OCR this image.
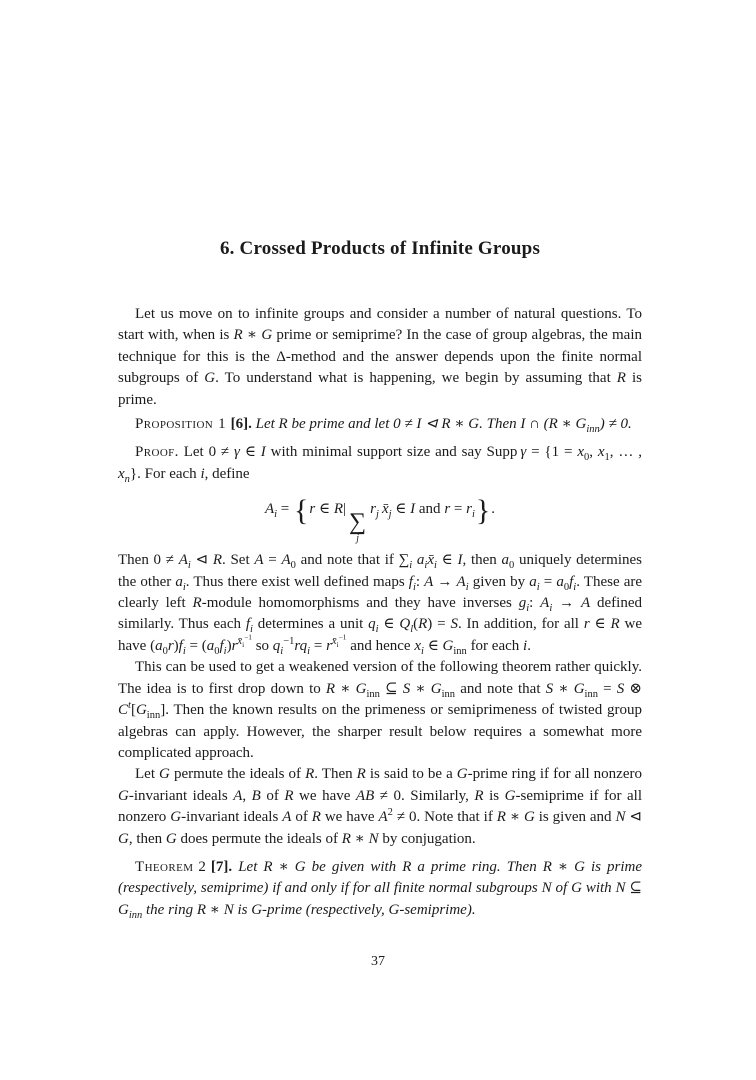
6. Crossed Products of Infinite Groups

Let us move on to infinite groups and consider a number of natural questions. To start with, when is R ∗ G prime or semiprime? In the case of group algebras, the main technique for this is the Δ-method and the answer depends upon the finite normal subgroups of G. To understand what is happening, we begin by assuming that R is prime.

Proposition 1 [6]. Let R be prime and let 0 ≠ I ⊲ R ∗ G. Then I ∩ (R ∗ $G_{inn}) \ne 0$.

Proof. Let 0 ≠ γ ∈ I with minimal support size and say Supp $\gamma = \{1 = x_0$, $x_1$, … , $x_n$}. For each i, define

$A_i = \{r$ ∈ R| ∑
j
$r_j$  $x̄_j$ ∈ I and $r = r_i$}.

Then $0 \ne A_i$ ⊲ R. Set $A = A_0$ and note that if $\sum_i$ $a_ix̄_i$ ∈ I, then $a_0$ uniquely determines the other $a_i$. Thus there exist well defined maps $f_i$: $A \to A_i$ given by $a_i = a_0f_i$. These are clearly left R-module homomorphisms and they have inverses $g_i$: $A_i \to A$ defined similarly. Thus each $f_i$ determines a unit $q_i$ ∈ $Q_l(R) = S$. In addition, for all r ∈ R we have $(a_0r)f_i = (a_0f_i)r^{x̄_i^{-1}}$ so $q_i^{-1}rq_i = r^{x̄_i^{-1}}$ and hence $x_i$ ∈ $G_{inn}$ for each i.

This can be used to get a weakened version of the following theorem rather quickly. The idea is to first drop down to R ∗ $G_{inn}$ ⊆ S ∗ $G_{inn}$ and note that S ∗ $G_{inn} = S$ ⊗ $C^t[G_{inn}]$. Then the known results on the primeness or semiprimeness of twisted group algebras can apply. However, the sharper result below requires a somewhat more complicated approach.

Let G permute the ideals of R. Then R is said to be a G-prime ring if for all nonzero G-invariant ideals A, B of R we have AB ≠ 0. Similarly, R is G-semiprime if for all nonzero G-invariant ideals A of R we have $A^2 \ne 0$. Note that if R ∗ G is given and N ⊲ G, then G does permute the ideals of R ∗ N by conjugation.

Theorem 2 [7]. Let R ∗ G be given with R a prime ring. Then R ∗ G is prime (respectively, semiprime) if and only if for all finite normal subgroups N of G with N ⊆ $G_{inn}$ the ring R ∗ N is G-prime (respectively, G-semiprime).

37
